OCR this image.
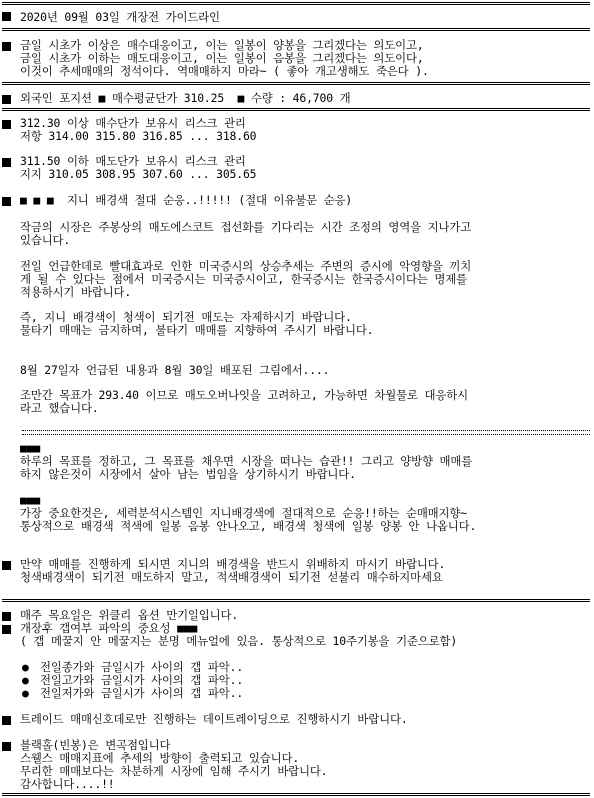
2020년 09월 03일 개장전 가이드라인
금일 시초가 이상은 매수대응이고, 이는 일봉이 양봉을 그리겠다는 의도이고,
금일 시초가 이하는 매도대응이고, 이는 일봉이 음봉을 그리겠다는 의도이다,
이것이 추세매매의 정석이다. 역매매하지 마라~ ( 좋아 개고생해도 죽은다 ).
외국인 포지션 ■ 매수평균단가 310.25  ■ 수량 : 46,700 개
312.30 이상 매수단가 보유시 리스크 관리
저항 314.00 315.80 316.85 ... 318.60
311.50 이하 매도단가 보유시 리스크 관리
지지 310.05 308.95 307.60 ... 305.65
■ ■ ■  지니 배경색 절대 순응..!!!!! (절대 이유불문 순응)
작금의 시장은 주봉상의 매도에스코트 접선화를 기다리는 시간 조정의 영역을 지나가고
있습니다.
전일 언급한데로 빨대효과로 인한 미국증시의 상승추세는 주변의 증시에 악영향을 끼치
게 될 수 있다는 점에서 미국증시는 미국증시이고, 한국증시는 한국증시이다는 명제를
적용하시기 바랍니다.
즉, 지니 배경색이 청색이 되기전 매도는 자제하시기 바랍니다.
물타기 매매는 금지하며, 불타기 매매를 지향하여 주시기 바랍니다.
8월 27일자 언급된 내용과 8월 30일 배포된 그림에서....
조만간 목표가 293.40 이므로 매도오버나잇을 고려하고, 가능하면 차월물로 대응하시
라고 했습니다.
■■■
하루의 목표를 정하고, 그 목표를 채우면 시장을 떠나는 습관!! 그리고 양방향 매매를
하지 않은것이 시장에서 살아 남는 법임을 상기하시기 바랍니다.
■■■
가장 중요한것은, 세력분석시스템인 지니배경색에 절대적으로 순응!!하는 순매매지향~
통상적으로 배경색 적색에 일봉 음봉 안나오고, 배경색 청색에 일봉 양봉 안 나옵니다.
만약 매매를 진행하게 되시면 지니의 배경색을 반드시 위배하지 마시기 바랍니다.
청색배경색이 되기전 매도하지 말고, 적색배경색이 되기전 섣불리 매수하지마세요
매주 목요일은 위클리 옵션 만기일입니다.
개장후 갭여부 파악의 중요성 ■■■
( 갭 메꿀지 안 메꿀지는 분명 메뉴얼에 있음. 통상적으로 10주기봉을 기준으로함)
● 전일종가와 금일시가 사이의 갭 파악..
● 전일고가와 금일시가 사이의 갭 파악..
● 전일저가와 금일시가 사이의 갭 파악..
트레이드 매매신호데로만 진행하는 데이트레이딩으로 진행하시기 바랍니다.
블랙홀(빈봉)은 변곡점입니다
스웰스 매매지표에 추세의 방향이 출력되고 있습니다.
무리한 매매보다는 차분하게 시장에 임해 주시기 바랍니다.
감사합니다....!!
